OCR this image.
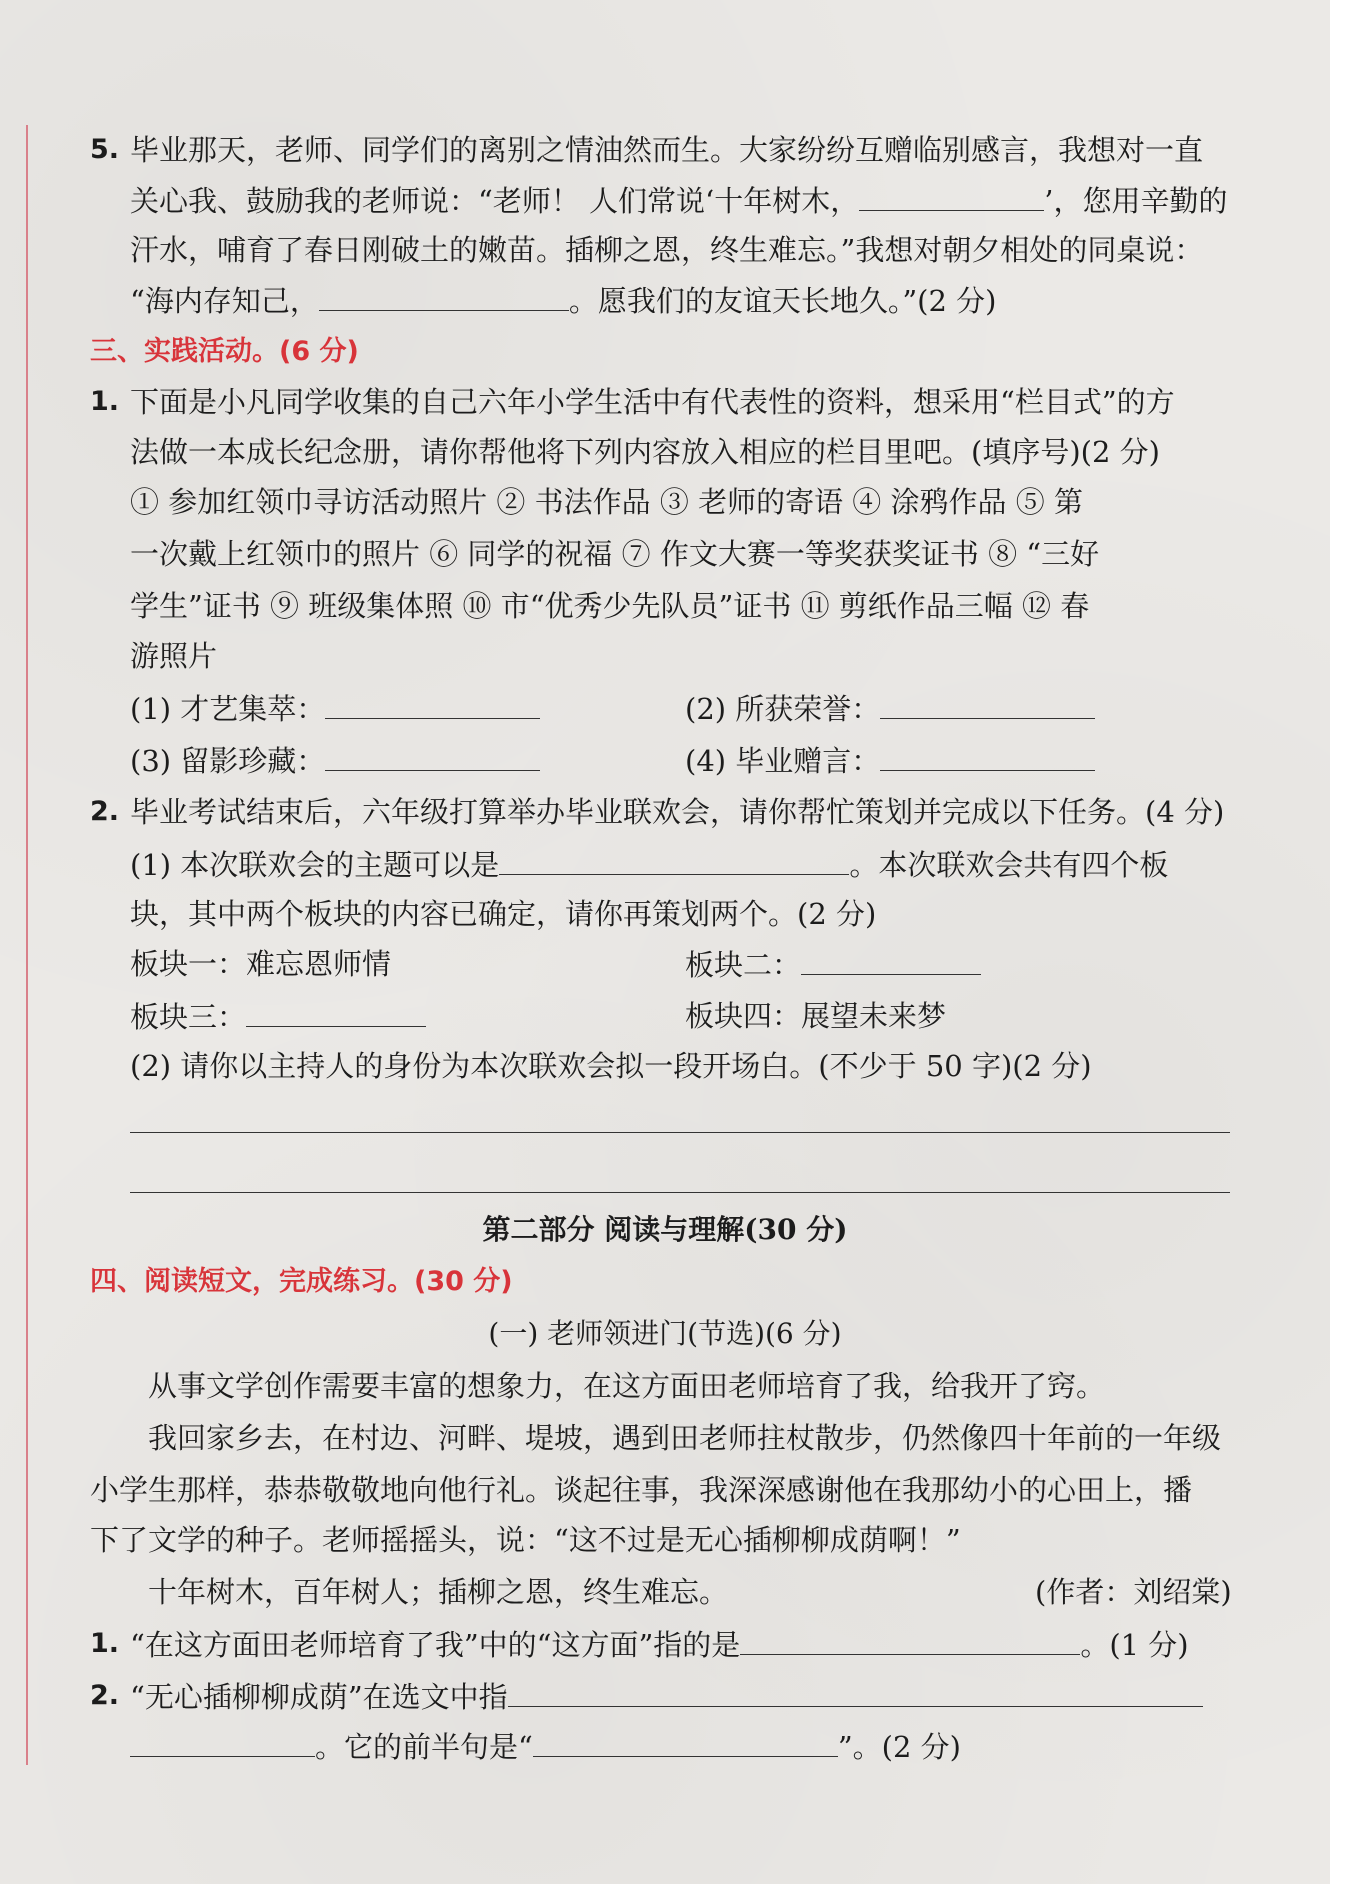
5. 毕业那天，老师、同学们的离别之情油然而生。大家纷纷互赠临别感言，我想对一直
关心我、鼓励我的老师说：“老师！ 人们常说‘十年树木，	’，您用辛勤的
汗水，哺育了春日刚破土的嫩苗。插柳之恩，终生难忘。”我想对朝夕相处的同桌说：
“海内存知己，	。愿我们的友谊天长地久。”(2 分)
三、实践活动。(6 分)
1. 下面是小凡同学收集的自己六年小学生活中有代表性的资料，想采用“栏目式”的方
法做一本成长纪念册，请你帮他将下列内容放入相应的栏目里吧。(填序号)(2 分)
① 参加红领巾寻访活动照片 ② 书法作品 ③ 老师的寄语 ④ 涂鸦作品 ⑤ 第
一次戴上红领巾的照片 ⑥ 同学的祝福 ⑦ 作文大赛一等奖获奖证书 ⑧ “三好
学生”证书 ⑨ 班级集体照 ⑩ 市“优秀少先队员”证书 ⑪ 剪纸作品三幅 ⑫ 春
游照片
(1) 才艺集萃：	(2) 所获荣誉：
(3) 留影珍藏：	(4) 毕业赠言：
2. 毕业考试结束后，六年级打算举办毕业联欢会，请你帮忙策划并完成以下任务。(4 分)
(1) 本次联欢会的主题可以是	。本次联欢会共有四个板
块，其中两个板块的内容已确定，请你再策划两个。(2 分)
板块一：难忘恩师情	板块二：
板块三：	板块四：展望未来梦
(2) 请你以主持人的身份为本次联欢会拟一段开场白。(不少于 50 字)(2 分)
第二部分 阅读与理解(30 分)
四、阅读短文，完成练习。(30 分)
(一) 老师领进门(节选)(6 分)
从事文学创作需要丰富的想象力，在这方面田老师培育了我，给我开了窍。
我回家乡去，在村边、河畔、堤坡，遇到田老师拄杖散步，仍然像四十年前的一年级
小学生那样，恭恭敬敬地向他行礼。谈起往事，我深深感谢他在我那幼小的心田上，播
下了文学的种子。老师摇摇头，说：“这不过是无心插柳柳成荫啊！”
十年树木，百年树人；插柳之恩，终生难忘。	(作者：刘绍棠)
1. “在这方面田老师培育了我”中的“这方面”指的是	。(1 分)
2. “无心插柳柳成荫”在选文中指
。它的前半句是“	”。(2 分)
